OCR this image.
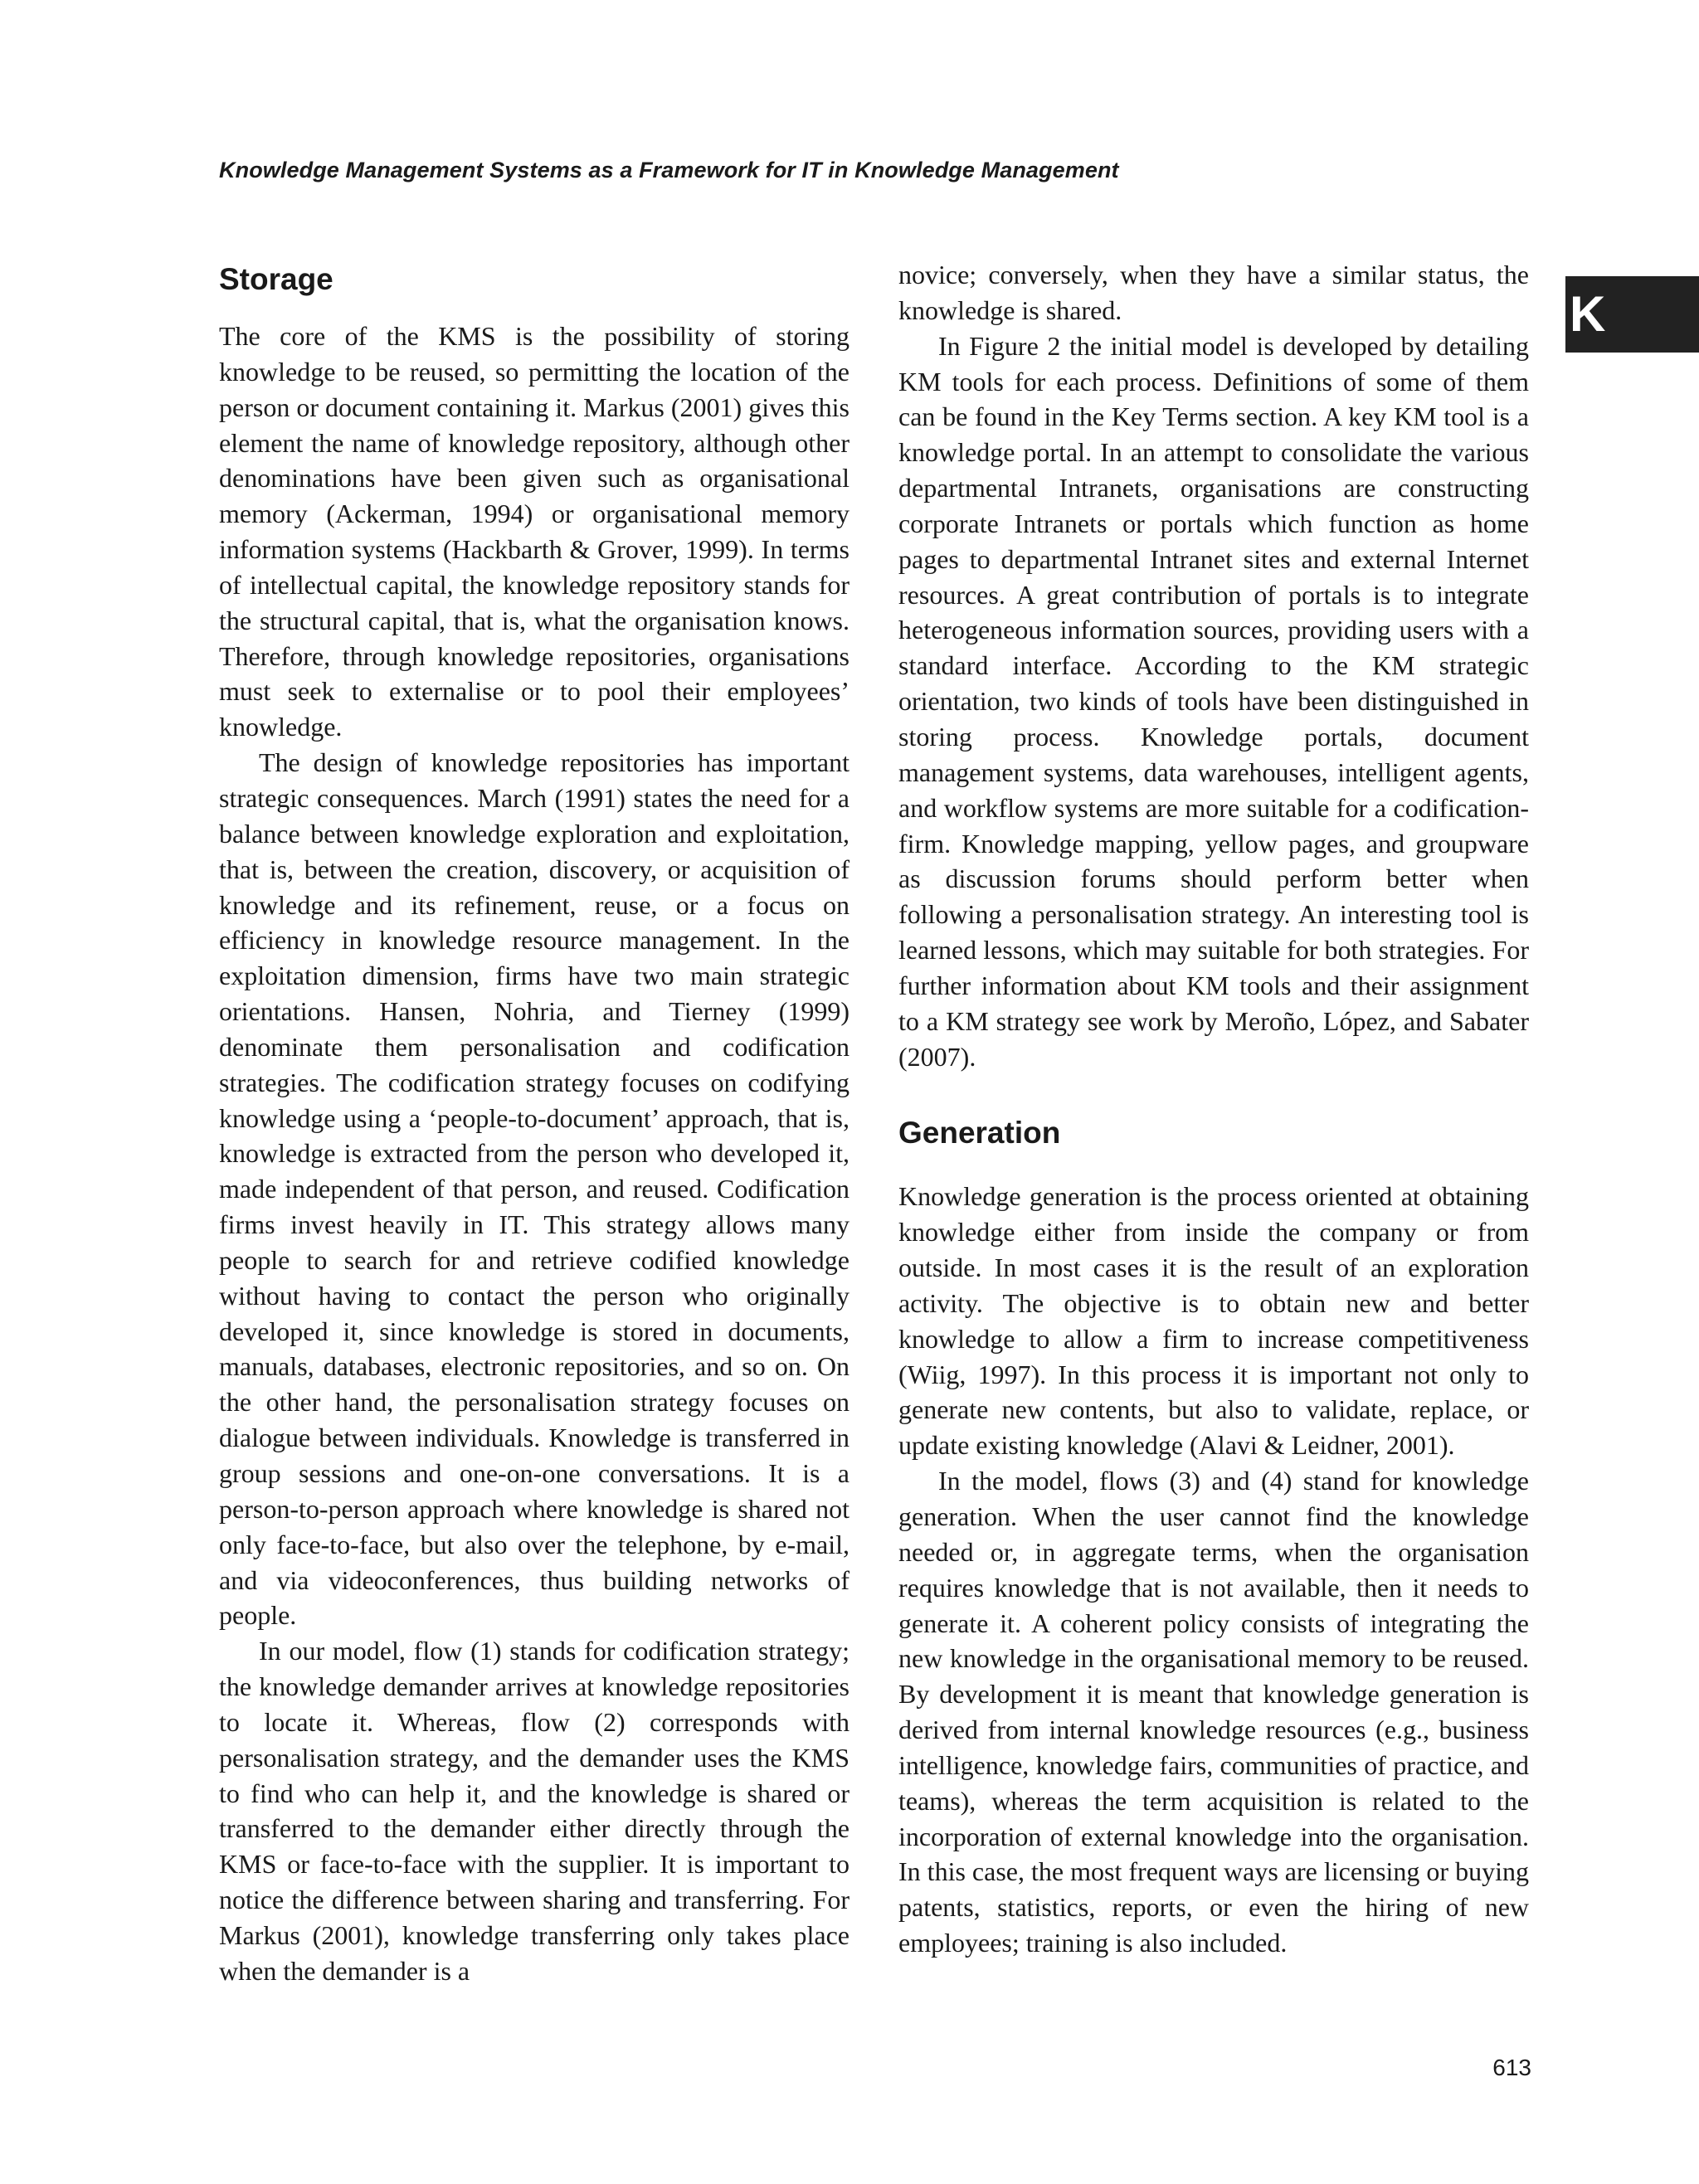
Knowledge Management Systems as a Framework for IT in Knowledge Management
K
Storage

The core of the KMS is the possibility of storing knowledge to be reused, so permitting the location of the person or document containing it. Markus (2001) gives this element the name of knowledge repository, although other denominations have been given such as organisational memory (Ackerman, 1994) or organisational memory information systems (Hackbarth & Grover, 1999). In terms of intellectual capital, the knowledge repository stands for the structural capital, that is, what the organisation knows. Therefore, through knowledge repositories, organisations must seek to externalise or to pool their employees’ knowledge.

The design of knowledge repositories has important strategic consequences. March (1991) states the need for a balance between knowledge exploration and exploitation, that is, between the creation, discovery, or acquisition of knowledge and its refinement, reuse, or a focus on efficiency in knowledge resource management. In the exploitation dimension, firms have two main strategic orientations. Hansen, Nohria, and Tierney (1999) denominate them personalisation and codification strategies. The codification strategy focuses on codifying knowledge using a ‘people-to-document’ approach, that is, knowledge is extracted from the person who developed it, made independent of that person, and reused. Codification firms invest heavily in IT. This strategy allows many people to search for and retrieve codified knowledge without having to contact the person who originally developed it, since knowledge is stored in documents, manuals, databases, electronic repositories, and so on. On the other hand, the personalisation strategy focuses on dialogue between individuals. Knowledge is transferred in group sessions and one-on-one conversations. It is a person-to-person approach where knowledge is shared not only face-to-face, but also over the telephone, by e-mail, and via videoconferences, thus building networks of people.

In our model, flow (1) stands for codification strategy; the knowledge demander arrives at knowledge repositories to locate it. Whereas, flow (2) corresponds with personalisation strategy, and the demander uses the KMS to find who can help it, and the knowledge is shared or transferred to the demander either directly through the KMS or face-to-face with the supplier. It is important to notice the difference between sharing and transferring. For Markus (2001), knowledge transferring only takes place when the demander is a

novice; conversely, when they have a similar status, the knowledge is shared.

In Figure 2 the initial model is developed by detailing KM tools for each process. Definitions of some of them can be found in the Key Terms section. A key KM tool is a knowledge portal. In an attempt to consolidate the various departmental Intranets, organisations are constructing corporate Intranets or portals which function as home pages to departmental Intranet sites and external Internet resources. A great contribution of portals is to integrate heterogeneous information sources, providing users with a standard interface. According to the KM strategic orientation, two kinds of tools have been distinguished in storing process. Knowledge portals, document management systems, data warehouses, intelligent agents, and workflow systems are more suitable for a codification-firm. Knowledge mapping, yellow pages, and groupware as discussion forums should perform better when following a personalisation strategy. An interesting tool is learned lessons, which may suitable for both strategies. For further information about KM tools and their assignment to a KM strategy see work by Meroño, López, and Sabater (2007).

Generation

Knowledge generation is the process oriented at obtaining knowledge either from inside the company or from outside. In most cases it is the result of an exploration activity. The objective is to obtain new and better knowledge to allow a firm to increase competitiveness (Wiig, 1997). In this process it is important not only to generate new contents, but also to validate, replace, or update existing knowledge (Alavi & Leidner, 2001).

In the model, flows (3) and (4) stand for knowledge generation. When the user cannot find the knowledge needed or, in aggregate terms, when the organisation requires knowledge that is not available, then it needs to generate it. A coherent policy consists of integrating the new knowledge in the organisational memory to be reused. By development it is meant that knowledge generation is derived from internal knowledge resources (e.g., business intelligence, knowledge fairs, communities of practice, and teams), whereas the term acquisition is related to the incorporation of external knowledge into the organisation. In this case, the most frequent ways are licensing or buying patents, statistics, reports, or even the hiring of new employees; training is also included.

613
